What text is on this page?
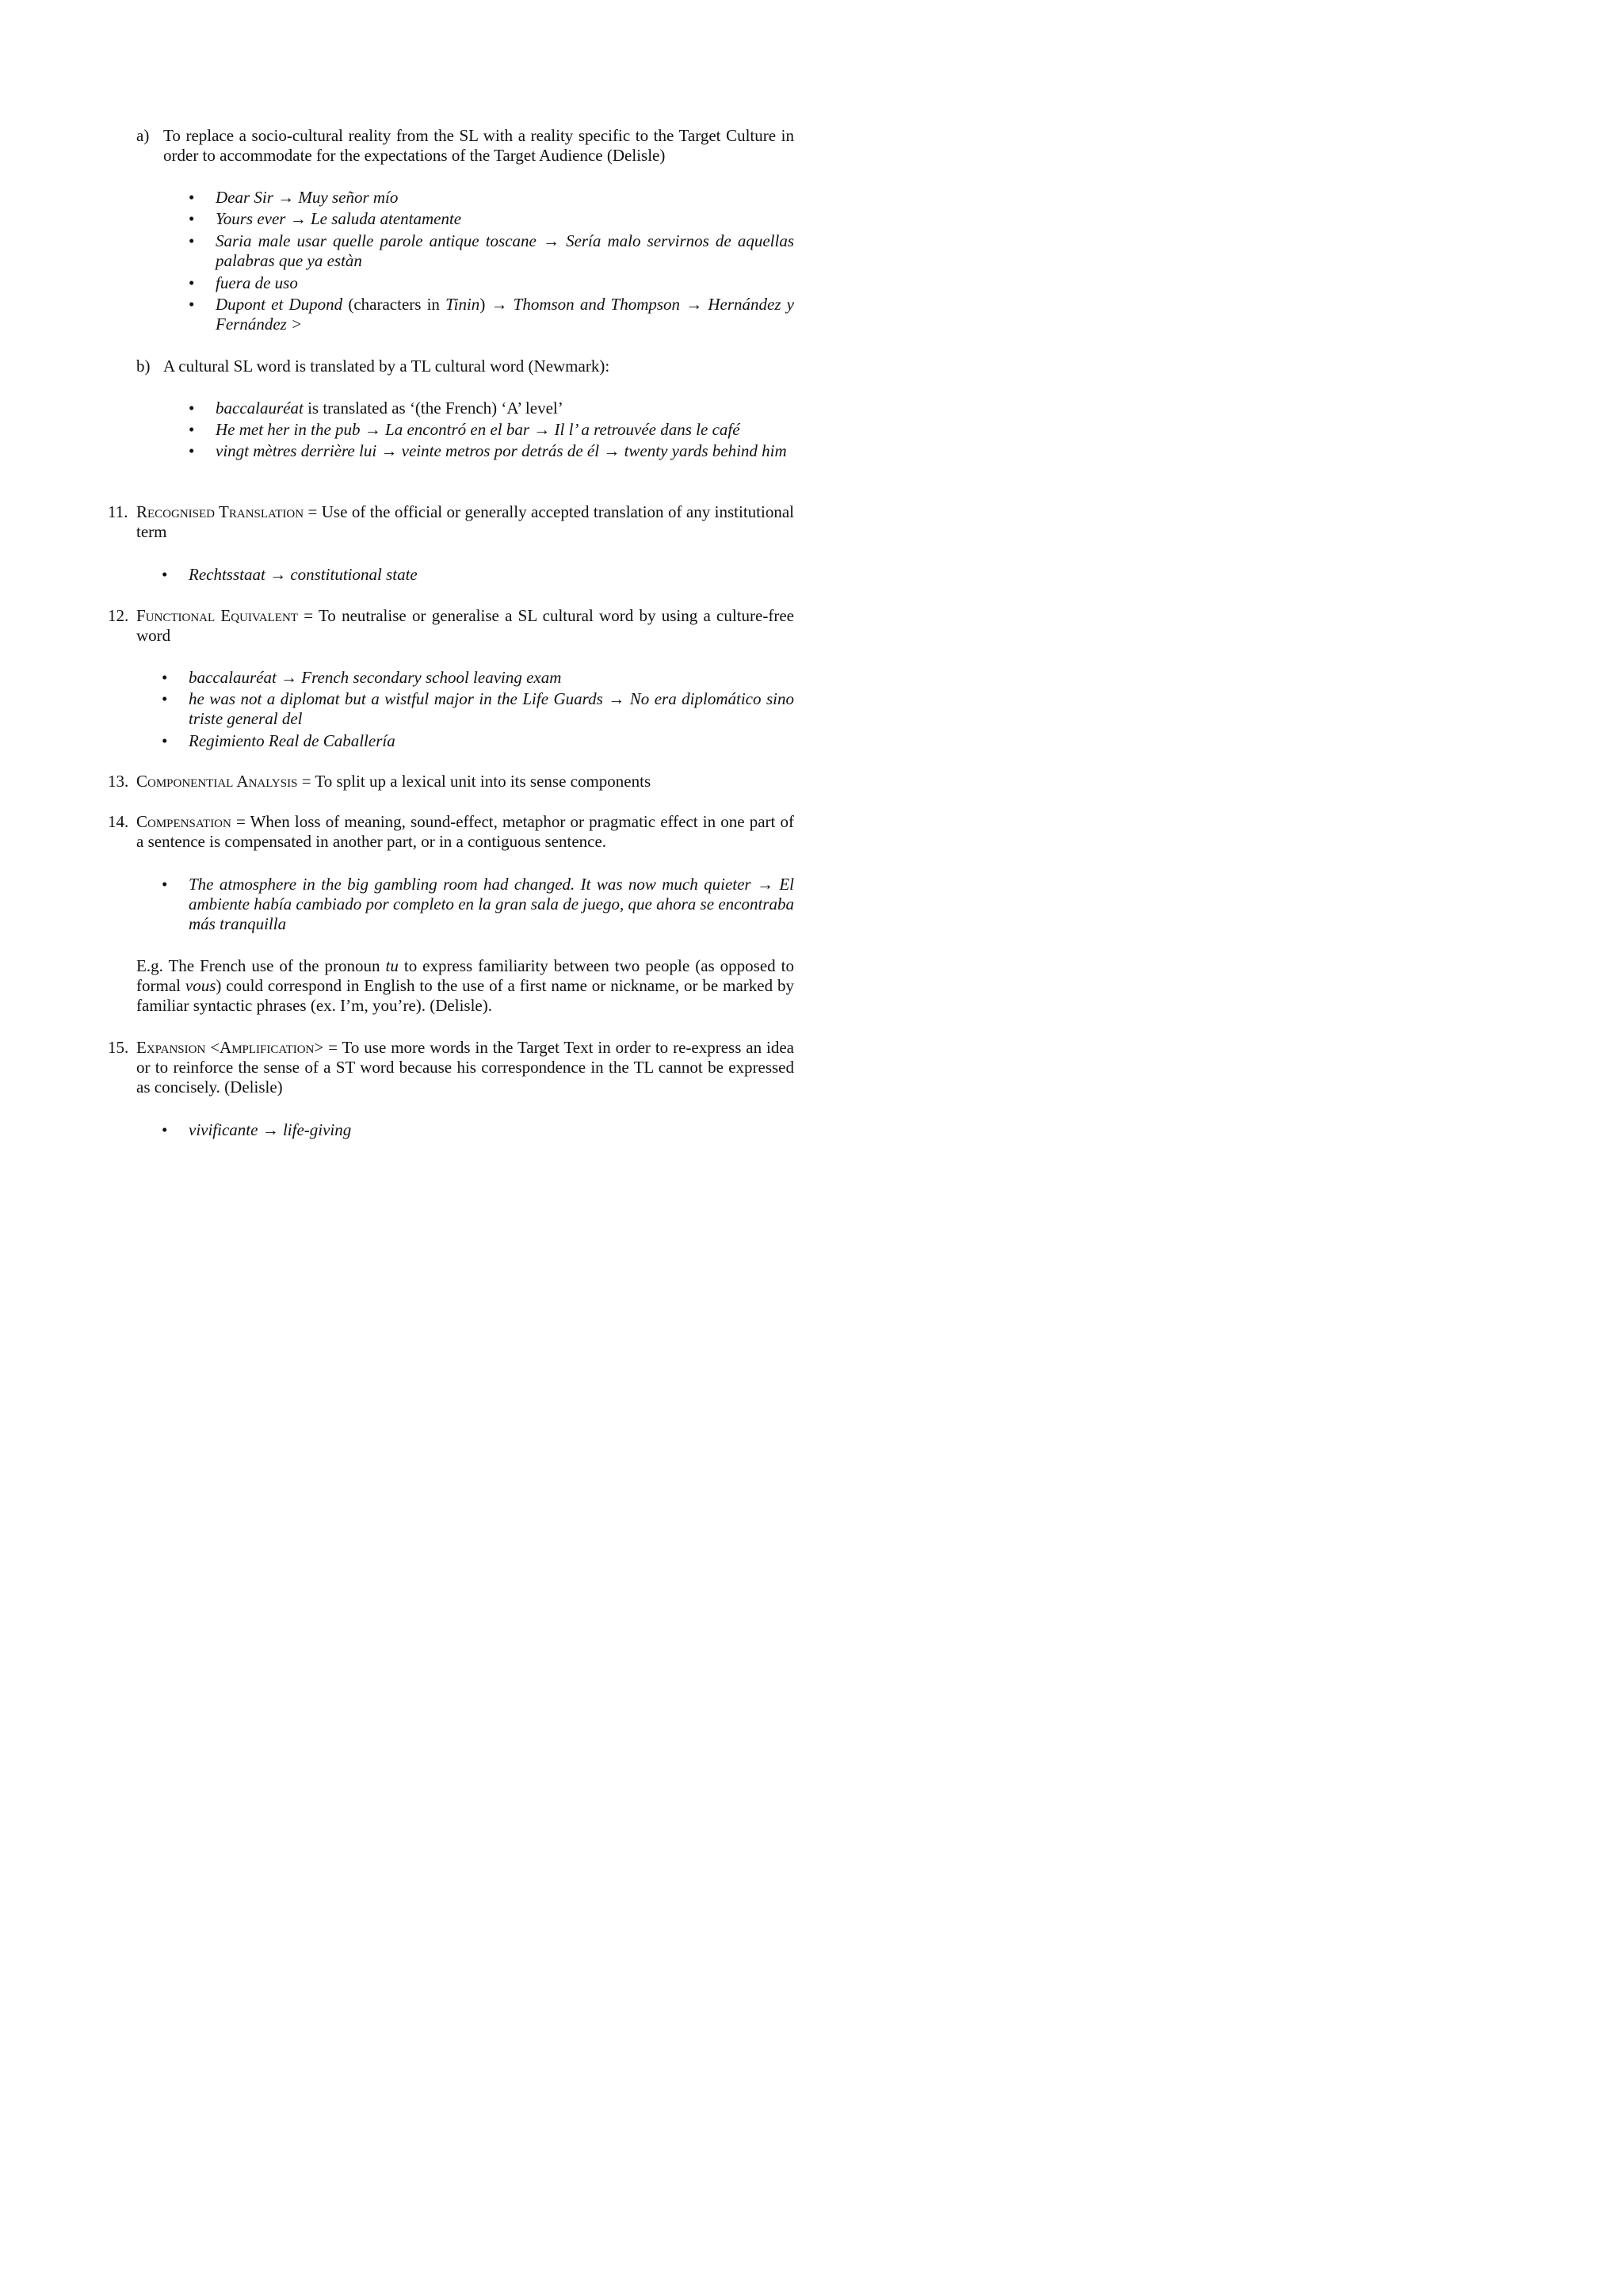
a) To replace a socio-cultural reality from the SL with a reality specific to the Target Culture in order to accommodate for the expectations of the Target Audience (Delisle)
• Dear Sir → Muy señor mío
• Yours ever → Le saluda atentamente
• Saria male usar quelle parole antique toscane → Sería malo servirnos de aquellas palabras que ya estàn
• fuera de uso
• Dupont et Dupond (characters in Tinin) → Thomson and Thompson → Hernández y Fernández >
b) A cultural SL word is translated by a TL cultural word (Newmark):
• baccalauréat is translated as ‘(the French) ‘A’ level’
• He met her in the pub → La encontró en el bar → Il l’ a retrouvée dans le café
• vingt mètres derrière lui → veinte metros por detrás de él → twenty yards behind him
11. Recognised Translation = Use of the official or generally accepted translation of any institutional term
• Rechtsstaat → constitutional state
12. Functional Equivalent = To neutralise or generalise a SL cultural word by using a culture-free word
• baccalauréat → French secondary school leaving exam
• he was not a diplomat but a wistful major in the Life Guards → No era diplomático sino triste general del
• Regimiento Real de Caballería
13. Componential Analysis = To split up a lexical unit into its sense components
14. Compensation = When loss of meaning, sound-effect, metaphor or pragmatic effect in one part of a sentence is compensated in another part, or in a contiguous sentence.
• The atmosphere in the big gambling room had changed. It was now much quieter → El ambiente había cambiado por completo en la gran sala de juego, que ahora se encontraba más tranquilla
E.g. The French use of the pronoun tu to express familiarity between two people (as opposed to formal vous) could correspond in English to the use of a first name or nickname, or be marked by familiar syntactic phrases (ex. I’m, you’re). (Delisle).
15. Expansion <Amplification> = To use more words in the Target Text in order to re-express an idea or to reinforce the sense of a ST word because his correspondence in the TL cannot be expressed as concisely. (Delisle)
• vivificante → life-giving
